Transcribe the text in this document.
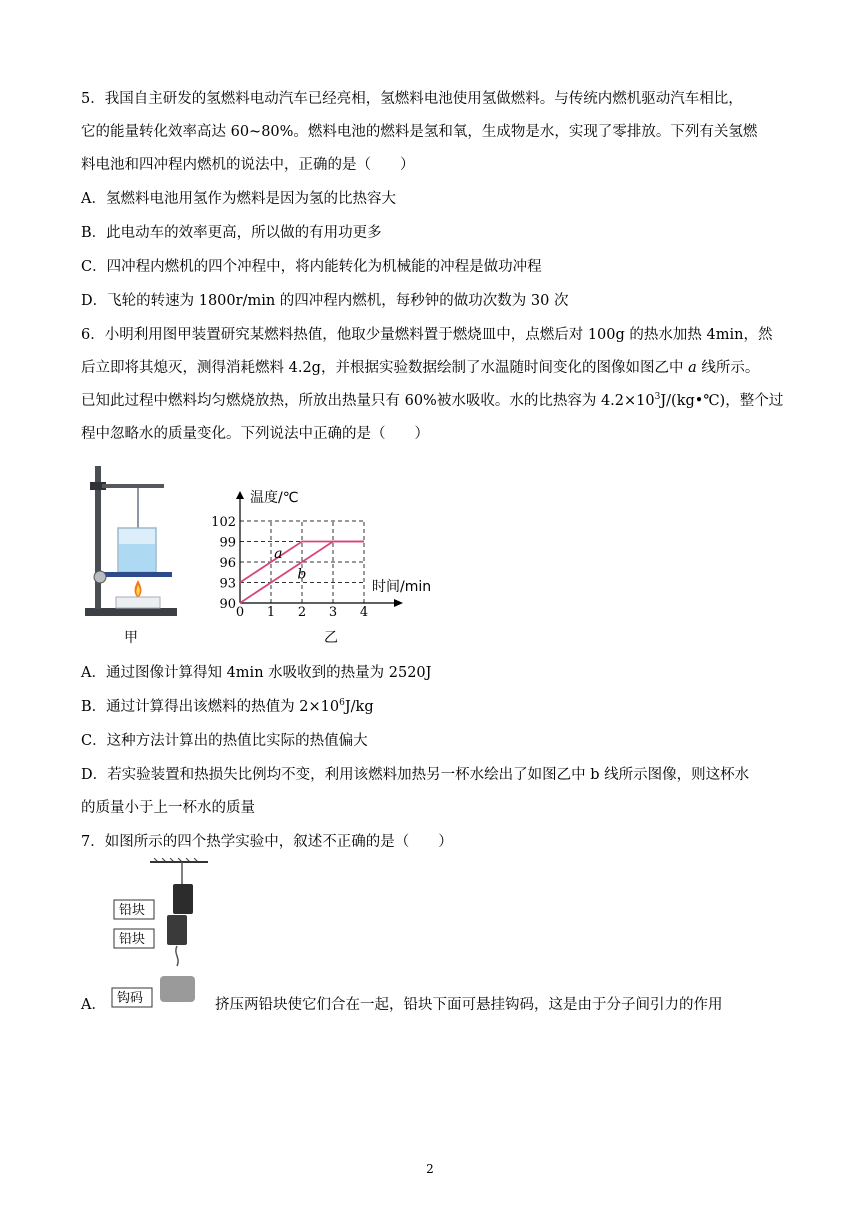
5．我国自主研发的氢燃料电动汽车已经亮相，氢燃料电池使用氢做燃料。与传统内燃机驱动汽车相比，
它的能量转化效率高达 60~80%。燃料电池的燃料是氢和氧，生成物是水，实现了零排放。下列有关氢燃
料电池和四冲程内燃机的说法中，正确的是（　　）
A．氢燃料电池用氢作为燃料是因为氢的比热容大
B．此电动车的效率更高，所以做的有用功更多
C．四冲程内燃机的四个冲程中，将内能转化为机械能的冲程是做功冲程
D．飞轮的转速为 1800r/min 的四冲程内燃机，每秒钟的做功次数为 30 次
6．小明利用图甲装置研究某燃料热值，他取少量燃料置于燃烧皿中，点燃后对 100g 的热水加热 4min，然
后立即将其熄灭，测得消耗燃料 4.2g，并根据实验数据绘制了水温随时间变化的图像如图乙中 a 线所示。
已知此过程中燃料均匀燃烧放热，所放出热量只有 60%被水吸收。水的比热容为 $4.2\times 10^3J/(kg•℃)$，整个过
程中忽略水的质量变化。下列说法中正确的是（　　）
甲
90
93
96
99
102
0 1 2 3 4
a
b
温度/℃
时间/min
乙
A．通过图像计算得知 4min 水吸收到的热量为 2520J
B．通过计算得出该燃料的热值为 $2\times 10^6J/kg$
C．这种方法计算出的热值比实际的热值偏大
D．若实验装置和热损失比例均不变，利用该燃料加热另一杯水绘出了如图乙中 b 线所示图像，则这杯水
的质量小于上一杯水的质量
7．如图所示的四个热学实验中，叙述不正确的是（　　）
铅块
铅块
钩码
A．	挤压两铅块使它们合在一起，铅块下面可悬挂钩码，这是由于分子间引力的作用
2
